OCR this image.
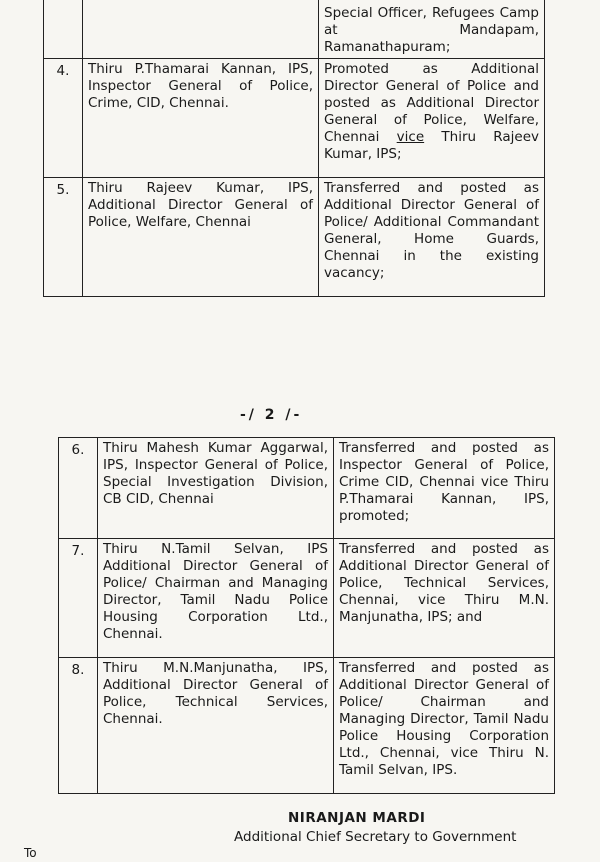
		Special Officer, Refugees Camp at Mandapam, Ramanathapuram;

4.	Thiru P.Thamarai Kannan, IPS, Inspector General of Police, Crime, CID, Chennai.	Promoted as Additional Director General of Police and posted as Additional Director General of Police, Welfare, Chennai vice Thiru Rajeev Kumar, IPS;
5.	Thiru Rajeev Kumar, IPS, Additional Director General of Police, Welfare, Chennai	Transferred and posted as Additional Director General of Police/ Additional Commandant General, Home Guards, Chennai in the existing vacancy;
-/ 2 /-
6.	Thiru Mahesh Kumar Aggarwal, IPS, Inspector General of Police, Special Investigation Division, CB CID, Chennai	Transferred and posted as Inspector General of Police, Crime CID, Chennai vice Thiru P.Thamarai Kannan, IPS, promoted;

7.	Thiru N.Tamil Selvan, IPS Additional Director General of Police/ Chairman and Managing Director, Tamil Nadu Police Housing Corporation Ltd., Chennai.	Transferred and posted as Additional Director General of Police, Technical Services, Chennai, vice Thiru M.N. Manjunatha, IPS; and

8.	Thiru M.N.Manjunatha, IPS, Additional Director General of Police, Technical Services, Chennai.	Transferred and posted as Additional Director General of Police/ Chairman and Managing Director, Tamil Nadu Police Housing Corporation Ltd., Chennai, vice Thiru N. Tamil Selvan, IPS.
NIRANJAN MARDI
Additional Chief Secretary to Government
To
